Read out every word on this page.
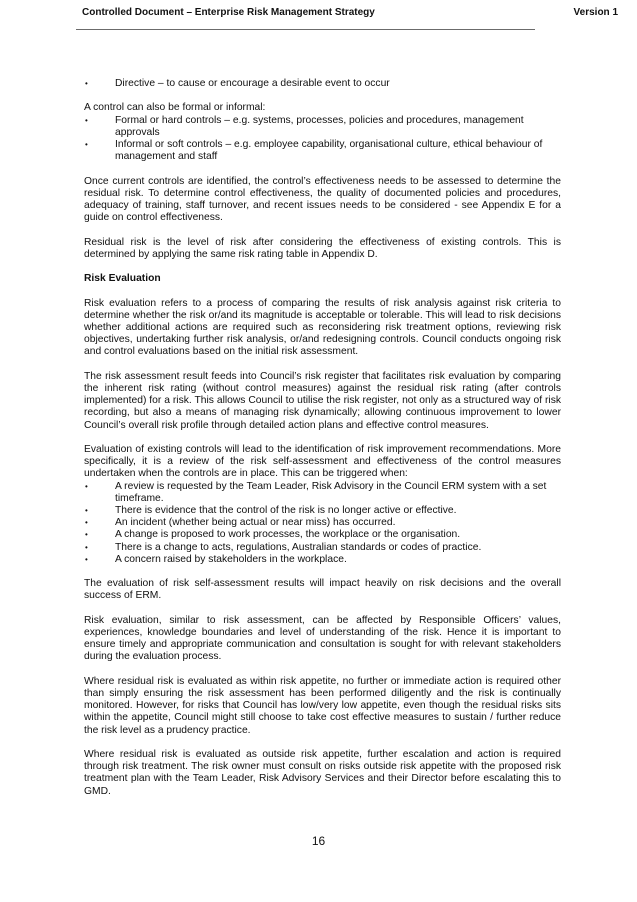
Controlled Document – Enterprise Risk Management Strategy	Version 1
• Directive – to cause or encourage a desirable event to occur

A control can also be formal or informal:

• Formal or hard controls – e.g. systems, processes, policies and procedures, management approvals
• Informal or soft controls – e.g. employee capability, organisational culture, ethical behaviour of management and staff

Once current controls are identified, the control’s effectiveness needs to be assessed to determine the residual risk. To determine control effectiveness, the quality of documented policies and procedures, adequacy of training, staff turnover, and recent issues needs to be considered - see Appendix E for a guide on control effectiveness.

Residual risk is the level of risk after considering the effectiveness of existing controls. This is determined by applying the same risk rating table in Appendix D.

Risk Evaluation

Risk evaluation refers to a process of comparing the results of risk analysis against risk criteria to determine whether the risk or/and its magnitude is acceptable or tolerable. This will lead to risk decisions whether additional actions are required such as reconsidering risk treatment options, reviewing risk objectives, undertaking further risk analysis, or/and redesigning controls. Council conducts ongoing risk and control evaluations based on the initial risk assessment.

The risk assessment result feeds into Council’s risk register that facilitates risk evaluation by comparing the inherent risk rating (without control measures) against the residual risk rating (after controls implemented) for a risk. This allows Council to utilise the risk register, not only as a structured way of risk recording, but also a means of managing risk dynamically; allowing continuous improvement to lower Council’s overall risk profile through detailed action plans and effective control measures.

Evaluation of existing controls will lead to the identification of risk improvement recommendations. More specifically, it is a review of the risk self-assessment and effectiveness of the control measures undertaken when the controls are in place. This can be triggered when:

• A review is requested by the Team Leader, Risk Advisory in the Council ERM system with a set timeframe.
• There is evidence that the control of the risk is no longer active or effective.
• An incident (whether being actual or near miss) has occurred.
• A change is proposed to work processes, the workplace or the organisation.
• There is a change to acts, regulations, Australian standards or codes of practice.
• A concern raised by stakeholders in the workplace.

The evaluation of risk self-assessment results will impact heavily on risk decisions and the overall success of ERM.

Risk evaluation, similar to risk assessment, can be affected by Responsible Officers’ values, experiences, knowledge boundaries and level of understanding of the risk. Hence it is important to ensure timely and appropriate communication and consultation is sought for with relevant stakeholders during the evaluation process.

Where residual risk is evaluated as within risk appetite, no further or immediate action is required other than simply ensuring the risk assessment has been performed diligently and the risk is continually monitored. However, for risks that Council has low/very low appetite, even though the residual risks sits within the appetite, Council might still choose to take cost effective measures to sustain / further reduce the risk level as a prudency practice.

Where residual risk is evaluated as outside risk appetite, further escalation and action is required through risk treatment. The risk owner must consult on risks outside risk appetite with the proposed risk treatment plan with the Team Leader, Risk Advisory Services and their Director before escalating this to GMD.

16
